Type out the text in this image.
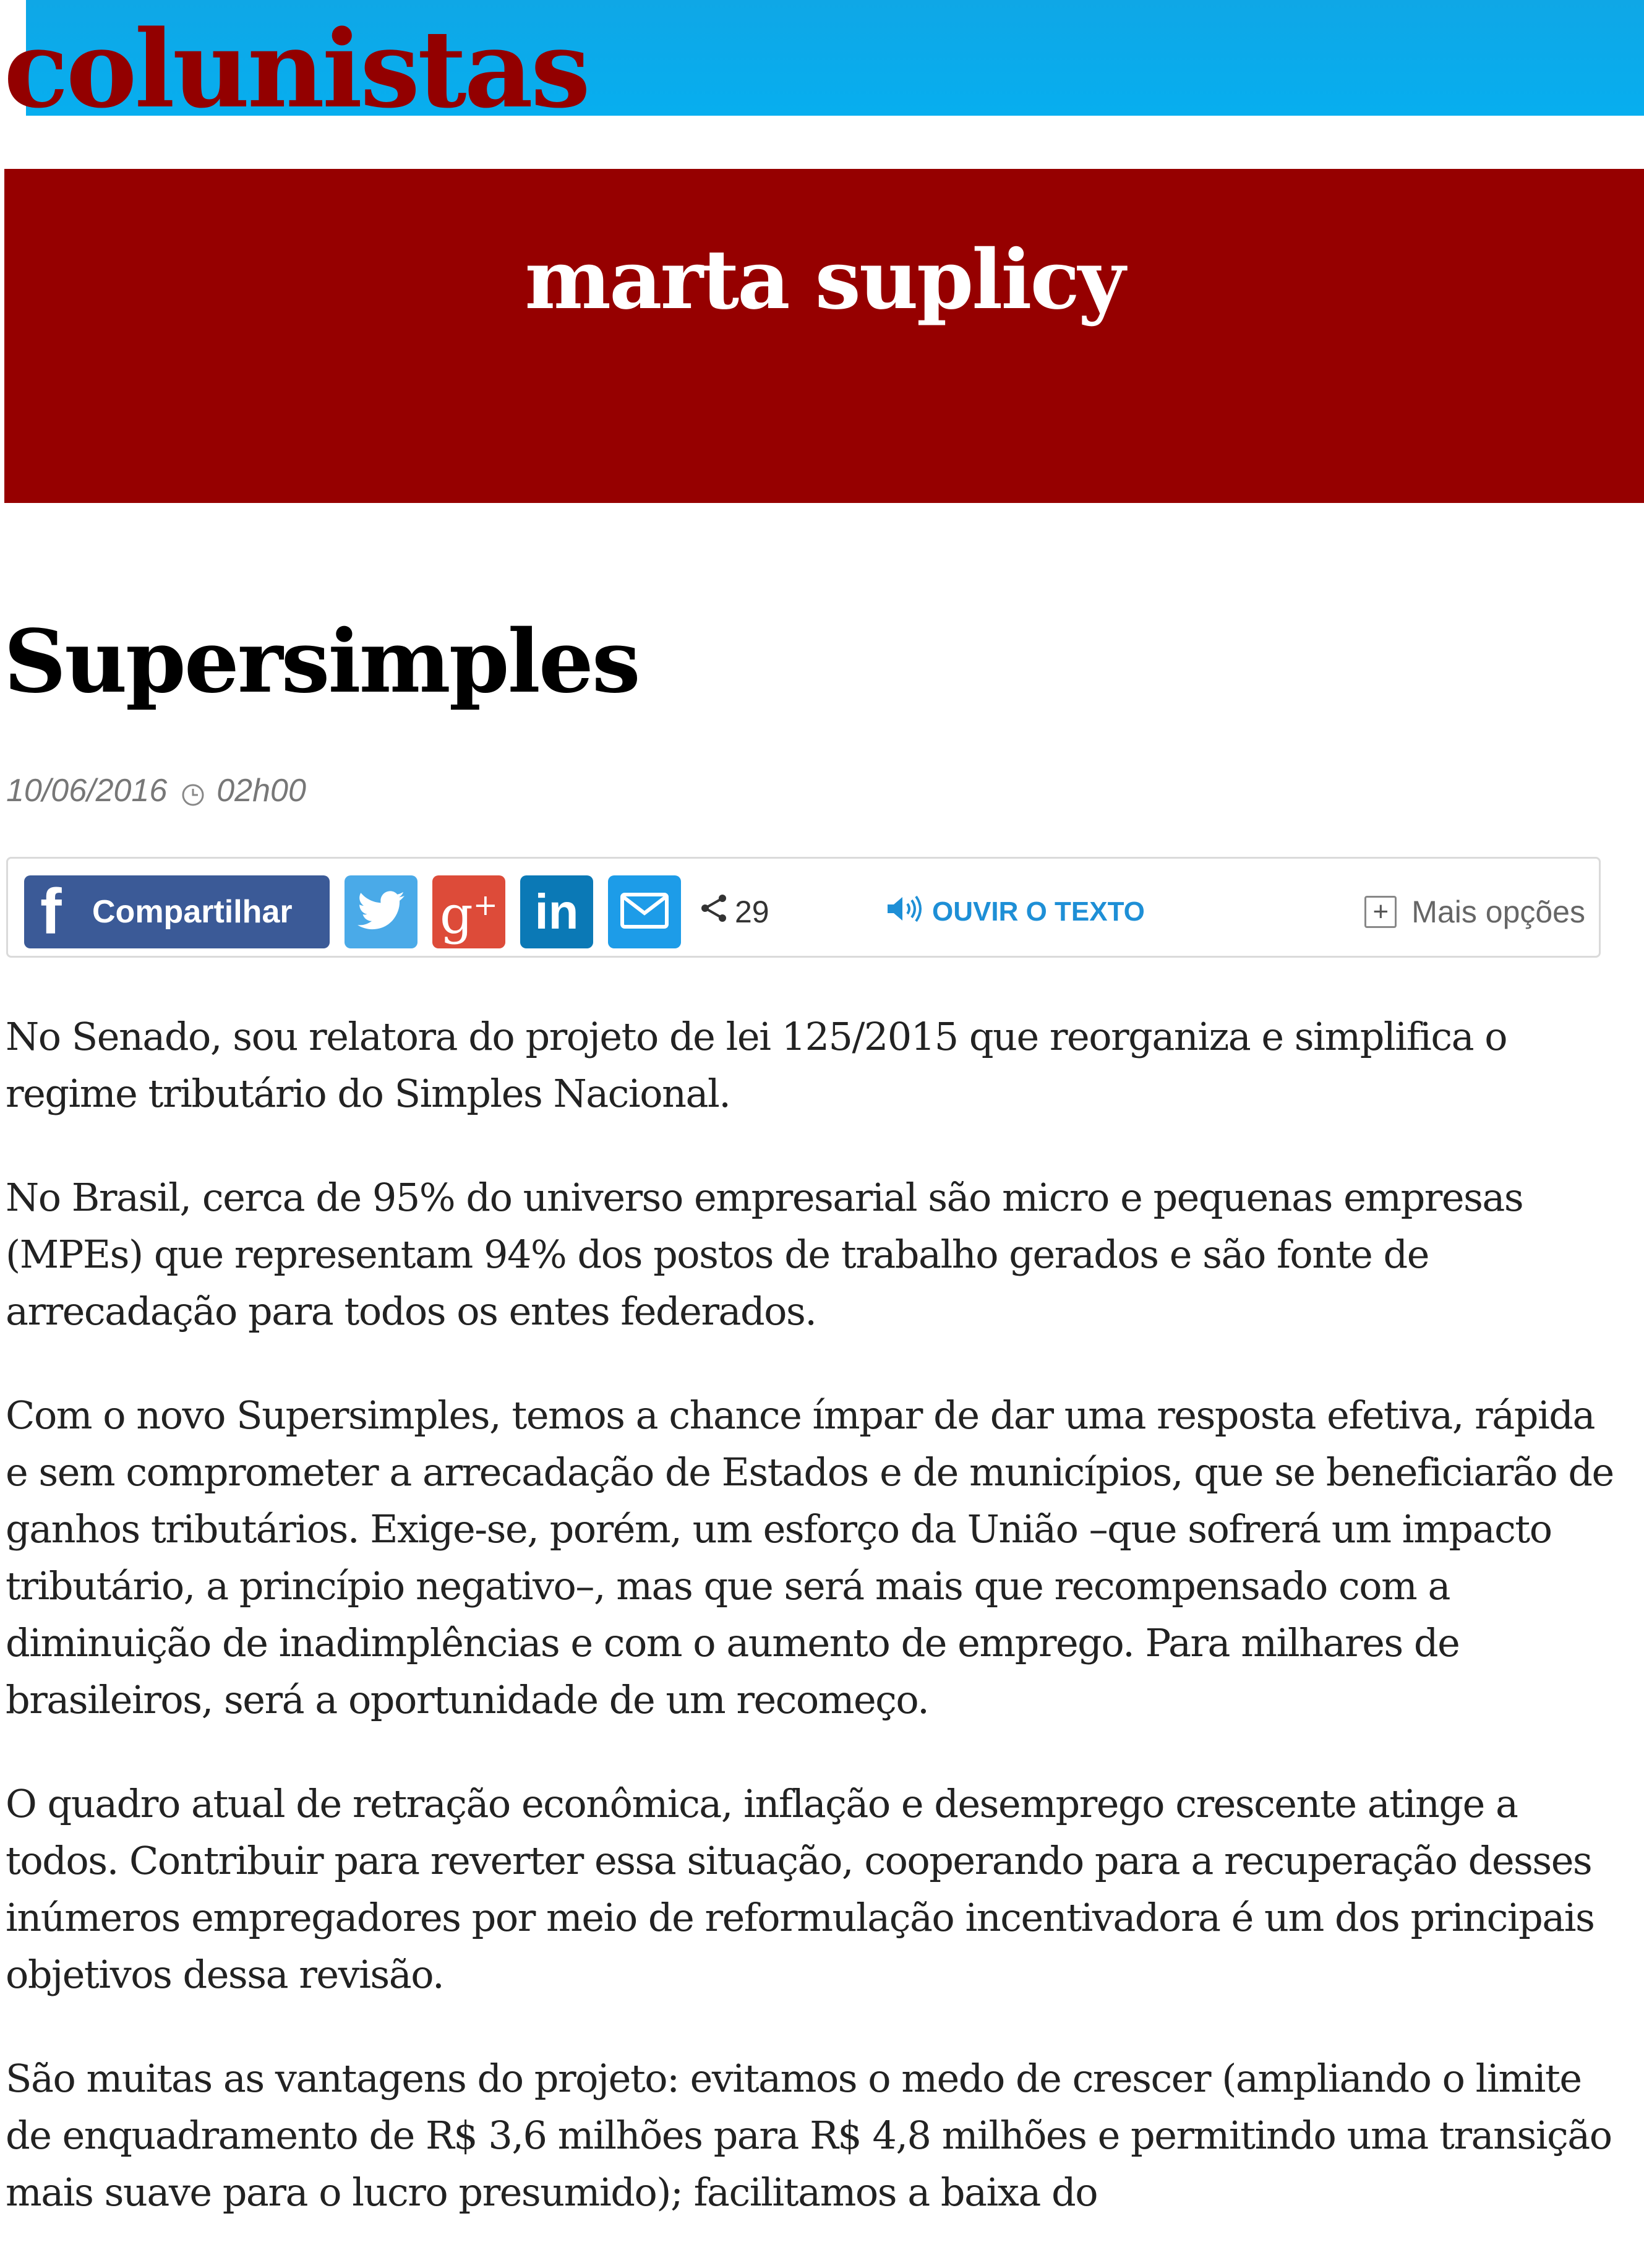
colunistas
marta suplicy
Supersimples
10/06/2016 02h00
f Compartilhar	g+ in	29	OUVIR O TEXTO	+ Mais opções

No Senado, sou relatora do projeto de lei 125/2015 que reorganiza e simplifica o regime tributário do Simples Nacional.

No Brasil, cerca de 95% do universo empresarial são micro e pequenas empresas (MPEs) que representam 94% dos postos de trabalho gerados e são fonte de arrecadação para todos os entes federados.

Com o novo Supersimples, temos a chance ímpar de dar uma resposta efetiva, rápida e sem comprometer a arrecadação de Estados e de municípios, que se beneficiarão de ganhos tributários. Exige-se, porém, um esforço da União –que sofrerá um impacto tributário, a princípio negativo–, mas que será mais que recompensado com a diminuição de inadimplências e com o aumento de emprego. Para milhares de brasileiros, será a oportunidade de um recomeço.

O quadro atual de retração econômica, inflação e desemprego crescente atinge a todos. Contribuir para reverter essa situação, cooperando para a recuperação desses inúmeros empregadores por meio de reformulação incentivadora é um dos principais objetivos dessa revisão.

São muitas as vantagens do projeto: evitamos o medo de crescer (ampliando o limite de enquadramento de R$ 3,6 milhões para R$ 4,8 milhões e permitindo uma transição mais suave para o lucro presumido); facilitamos a baixa do
